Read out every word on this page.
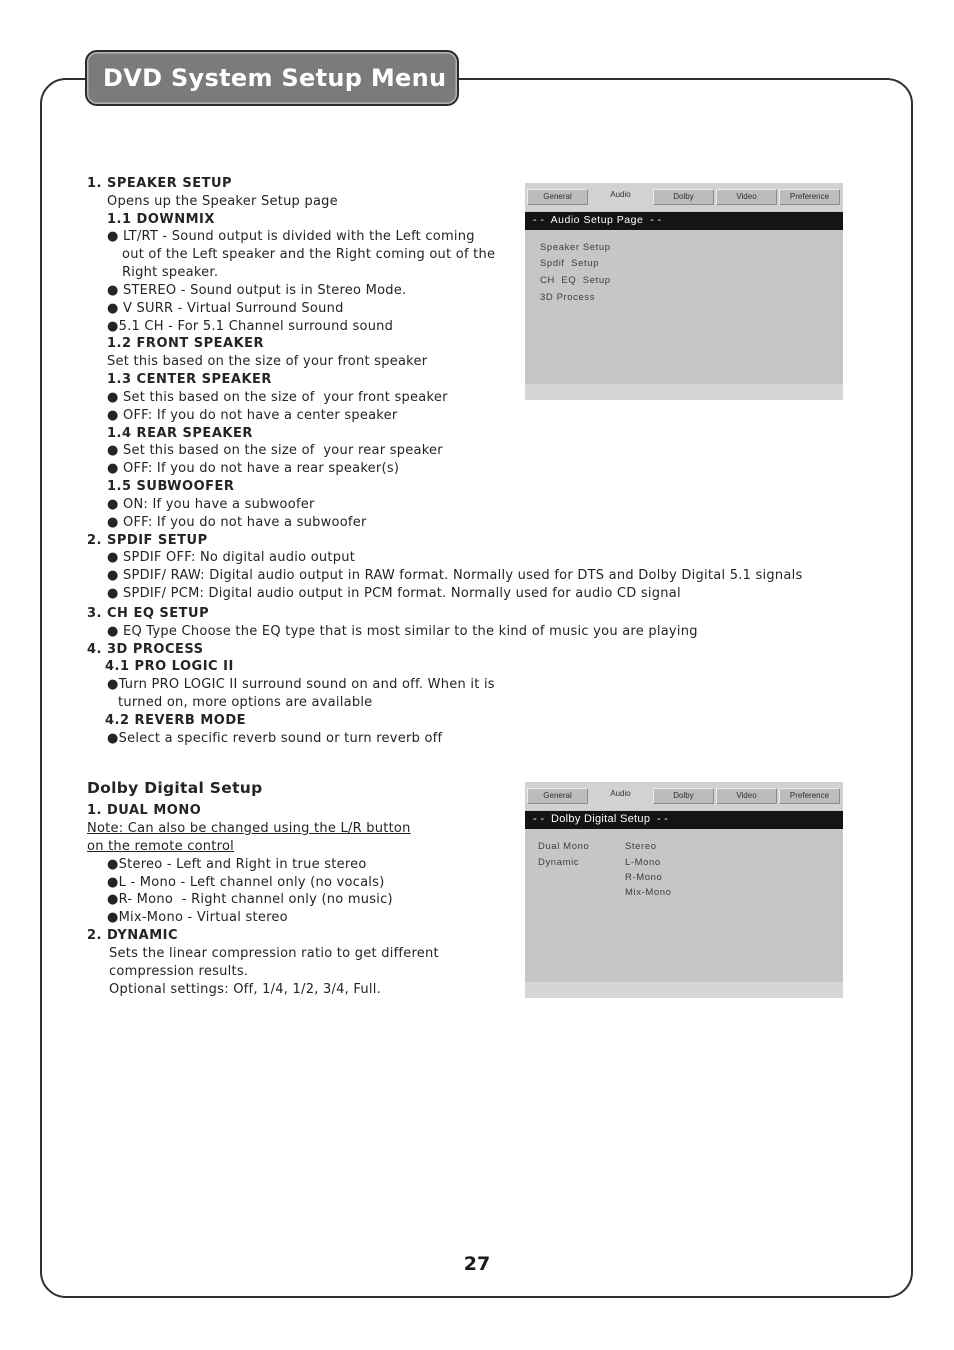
DVD System Setup Menu
1. SPEAKER SETUP
Opens up the Speaker Setup page
1.1 DOWNMIX
● LT/RT - Sound output is divided with the Left coming
out of the Left speaker and the Right coming out of the
Right speaker.
● STEREO - Sound output is in Stereo Mode.
● V SURR - Virtual Surround Sound
●5.1 CH - For 5.1 Channel surround sound
1.2 FRONT SPEAKER
Set this based on the size of your front speaker
1.3 CENTER SPEAKER
● Set this based on the size of  your front speaker
● OFF: If you do not have a center speaker
1.4 REAR SPEAKER
● Set this based on the size of  your rear speaker
● OFF: If you do not have a rear speaker(s)
1.5 SUBWOOFER
● ON: If you have a subwoofer
● OFF: If you do not have a subwoofer
2. SPDIF SETUP
● SPDIF OFF: No digital audio output
● SPDIF/ RAW: Digital audio output in RAW format. Normally used for DTS and Dolby Digital 5.1 signals
● SPDIF/ PCM: Digital audio output in PCM format. Normally used for audio CD signal
3. CH EQ SETUP
● EQ Type Choose the EQ type that is most similar to the kind of music you are playing
4. 3D PROCESS
4.1 PRO LOGIC II
●Turn PRO LOGIC II surround sound on and off. When it is
turned on, more options are available
4.2 REVERB MODE
●Select a specific reverb sound or turn reverb off
Dolby Digital Setup
1. DUAL MONO
Note: Can also be changed using the L/R button
on the remote control
●Stereo - Left and Right in true stereo
●L - Mono - Left channel only (no vocals)
●R- Mono  - Right channel only (no music)
●Mix-Mono - Virtual stereo
2. DYNAMIC
Sets the linear compression ratio to get different
compression results.
Optional settings: Off, 1/4, 1/2, 3/4, Full.
General	Audio	Dolby	Video	Preference
- -  Audio Setup Page  - -
Speaker Setup
Spdif  Setup
CH  EQ  Setup
3D Process
General	Audio	Dolby	Video	Preference
- -  Dolby Digital Setup  - -
Dual Mono
Dynamic
Stereo
L-Mono
R-Mono
Mix-Mono
27
